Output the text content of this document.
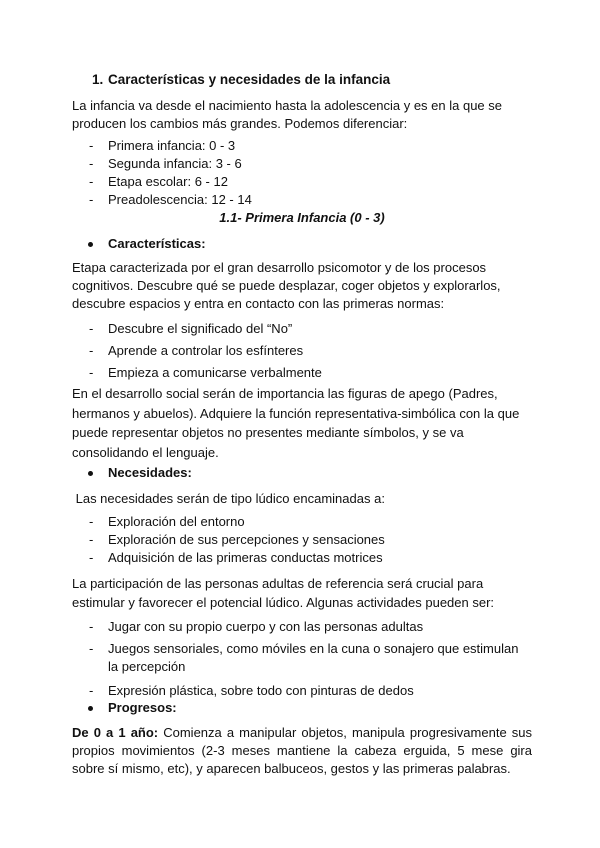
1. Características y necesidades de la infancia

La infancia va desde el nacimiento hasta la adolescencia y es en la que se producen los cambios más grandes. Podemos diferenciar:

- Primera infancia: 0 - 3
- Segunda infancia: 3 - 6
- Etapa escolar: 6 - 12
- Preadolescencia: 12 - 14
1.1- Primera Infancia (0 - 3)
Características:

Etapa caracterizada por el gran desarrollo psicomotor y de los procesos cognitivos. Descubre qué se puede desplazar, coger objetos y explorarlos, descubre espacios y entra en contacto con las primeras normas:

- Descubre el significado del “No”
- Aprende a controlar los esfínteres
- Empieza a comunicarse verbalmente

En el desarrollo social serán de importancia las figuras de apego (Padres, hermanos y abuelos). Adquiere la función representativa-simbólica con la que puede representar objetos no presentes mediante símbolos, y se va consolidando el lenguaje.

Necesidades:

Las necesidades serán de tipo lúdico encaminadas a:

- Exploración del entorno
- Exploración de sus percepciones y sensaciones
- Adquisición de las primeras conductas motrices

La participación de las personas adultas de referencia será crucial para estimular y favorecer el potencial lúdico. Algunas actividades pueden ser:

- Jugar con su propio cuerpo y con las personas adultas
- Juegos sensoriales, como móviles en la cuna o sonajero que estimulan la percepción
- Expresión plástica, sobre todo con pinturas de dedos
Progresos:

De 0 a 1 año: Comienza a manipular objetos, manipula progresivamente sus propios movimientos (2-3 meses mantiene la cabeza erguida, 5 mese gira sobre sí mismo, etc), y aparecen balbuceos, gestos y las primeras palabras.
